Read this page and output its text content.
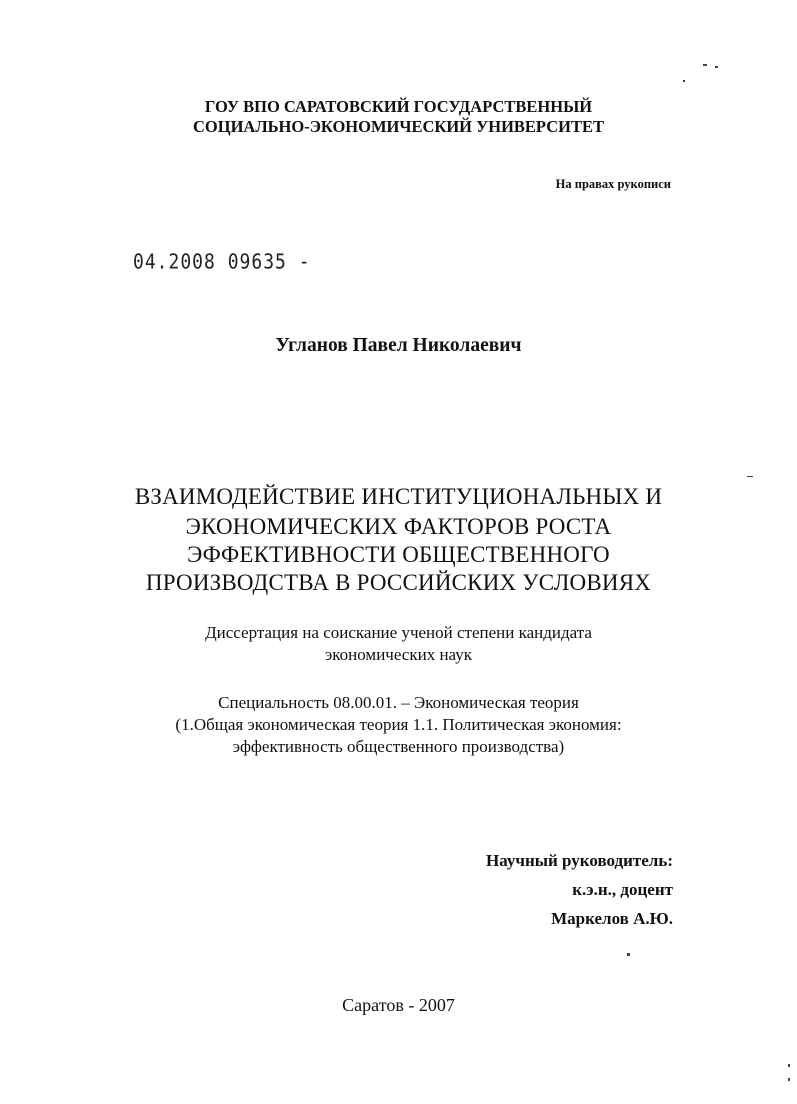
ГОУ ВПО САРАТОВСКИЙ ГОСУДАРСТВЕННЫЙ
СОЦИАЛЬНО-ЭКОНОМИЧЕСКИЙ УНИВЕРСИТЕТ
На правах рукописи
04.2008 09635 -
Угланов Павел Николаевич
ВЗАИМОДЕЙСТВИЕ ИНСТИТУЦИОНАЛЬНЫХ И
ЭКОНОМИЧЕСКИХ ФАКТОРОВ РОСТА
ЭФФЕКТИВНОСТИ ОБЩЕСТВЕННОГО
ПРОИЗВОДСТВА В РОССИЙСКИХ УСЛОВИЯХ
Диссертация на соискание ученой степени кандидата
экономических наук
Специальность 08.00.01. – Экономическая теория
(1.Общая экономическая теория 1.1. Политическая экономия:
эффективность общественного производства)
Научный руководитель:
к.э.н., доцент
Маркелов А.Ю.
Саратов - 2007
